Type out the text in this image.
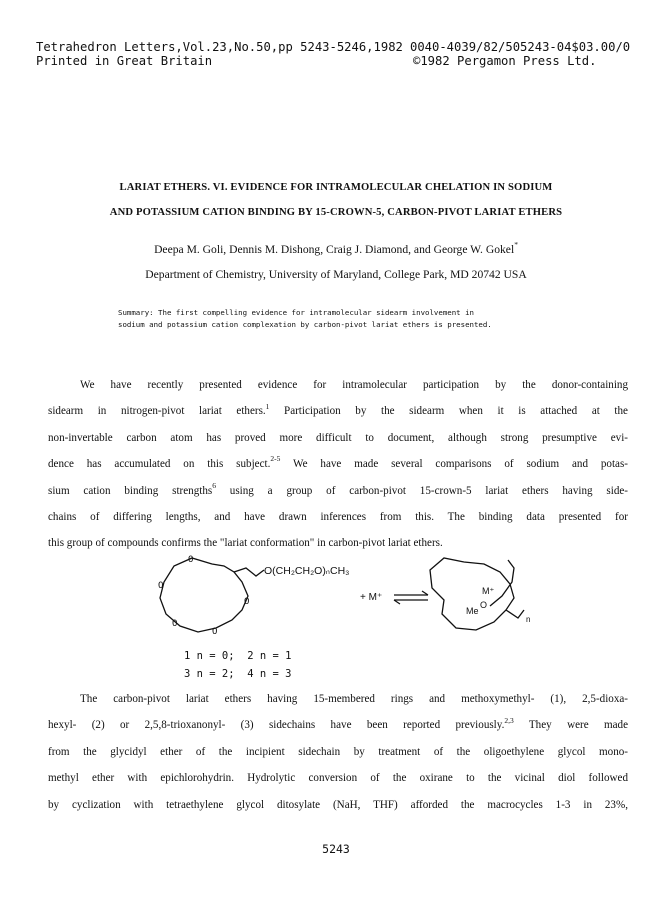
Tetrahedron Letters,Vol.23,No.50,pp 5243-5246,1982 0040-4039/82/505243-04$03.00/0
Printed in Great Britain	©1982 Pergamon Press Ltd.
LARIAT ETHERS. VI. EVIDENCE FOR INTRAMOLECULAR CHELATION IN SODIUM
AND POTASSIUM CATION BINDING BY 15-CROWN-5, CARBON-PIVOT LARIAT ETHERS
Deepa M. Goli, Dennis M. Dishong, Craig J. Diamond, and George W. Gokel*
Department of Chemistry, University of Maryland, College Park, MD 20742 USA
Summary: The first compelling evidence for intramolecular sidearm involvement in
sodium and potassium cation complexation by carbon-pivot lariat ethers is presented.
We have recently presented evidence for intramolecular participation by the donor-containing
sidearm in nitrogen-pivot lariat ethers.$^1$ Participation by the sidearm when it is attached at the
non-invertable carbon atom has proved more difficult to document, although strong presumptive evi-
dence has accumulated on this subject.$^{2-5}$ We have made several comparisons of sodium and potas-
sium cation binding strengths$^6$ using a group of carbon-pivot 15-crown-5 lariat ethers having side-
chains of differing lengths, and have drawn inferences from this. The binding data presented for
this group of compounds confirms the "lariat conformation" in carbon-pivot lariat ethers.
O
O
O
O
O
O(CH₂CH₂O)ₙCH₃
+ M⁺
M⁺
Me
O
n
1 n = 0;  2 n = 1
3 n = 2;  4 n = 3
The carbon-pivot lariat ethers having 15-membered rings and methoxymethyl- (1), 2,5-dioxa-
hexyl- (2) or 2,5,8-trioxanonyl- (3) sidechains have been reported previously.$^{2,3}$ They were made
from the glycidyl ether of the incipient sidechain by treatment of the oligoethylene glycol mono-
methyl ether with epichlorohydrin. Hydrolytic conversion of the oxirane to the vicinal diol followed
by cyclization with tetraethylene glycol ditosylate (NaH, THF) afforded the macrocycles 1-3 in 23%,
5243
